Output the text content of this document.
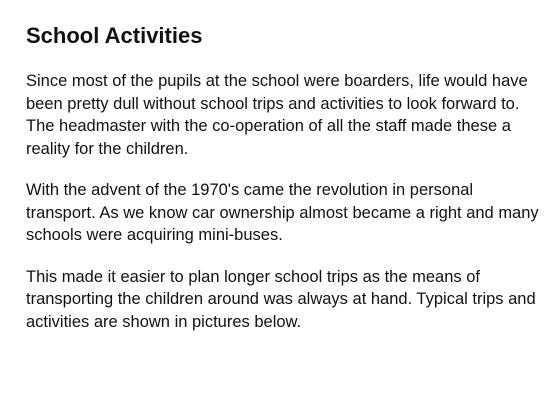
School Activities

Since most of the pupils at the school were boarders, life would have been pretty dull without school trips and activities to look forward to. The headmaster with the co-operation of all the staff made these a reality for the children.

With the advent of the 1970's came the revolution in personal transport. As we know car ownership almost became a right and many schools were acquiring mini-buses.

This made it easier to plan longer school trips as the means of transporting the children around was always at hand. Typical trips and activities are shown in pictures below.
